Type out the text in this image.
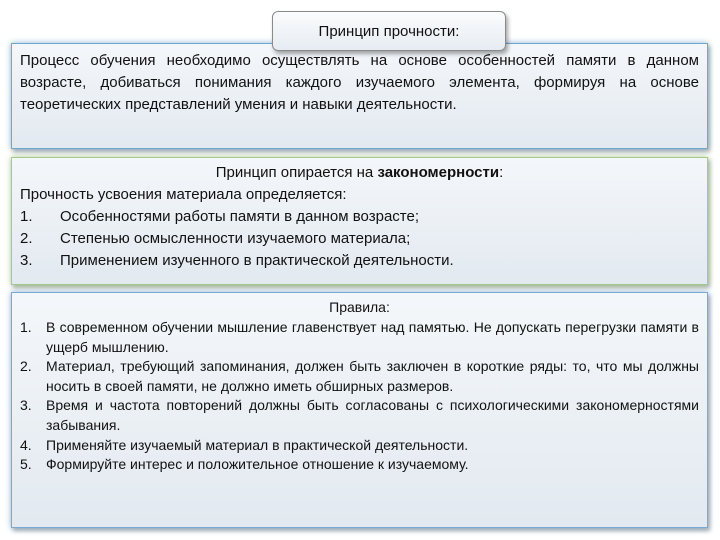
Принцип прочности:

Процесс обучения необходимо осуществлять на основе особенностей памяти в данном возрасте, добиваться понимания каждого изучаемого элемента, формируя на основе теоретических представлений умения и навыки деятельности.

Принцип опирается на закономерности:

Прочность усвоения материала определяется:

1.	Особенностями работы памяти в данном возрасте;
2.	Степенью осмысленности изучаемого материала;
3.	Применением изученного в практической деятельности.

Правила:

1.	В современном обучении мышление главенствует над памятью. Не допускать перегрузки памяти в ущерб мышлению.
2.	Материал, требующий запоминания, должен быть заключен в короткие ряды: то, что мы должны носить в своей памяти, не должно иметь обширных размеров.
3.	Время и частота повторений должны быть согласованы с психологическими закономерностями забывания.
4.	Применяйте изучаемый материал в практической деятельности.
5.	Формируйте интерес и положительное отношение к изучаемому.
